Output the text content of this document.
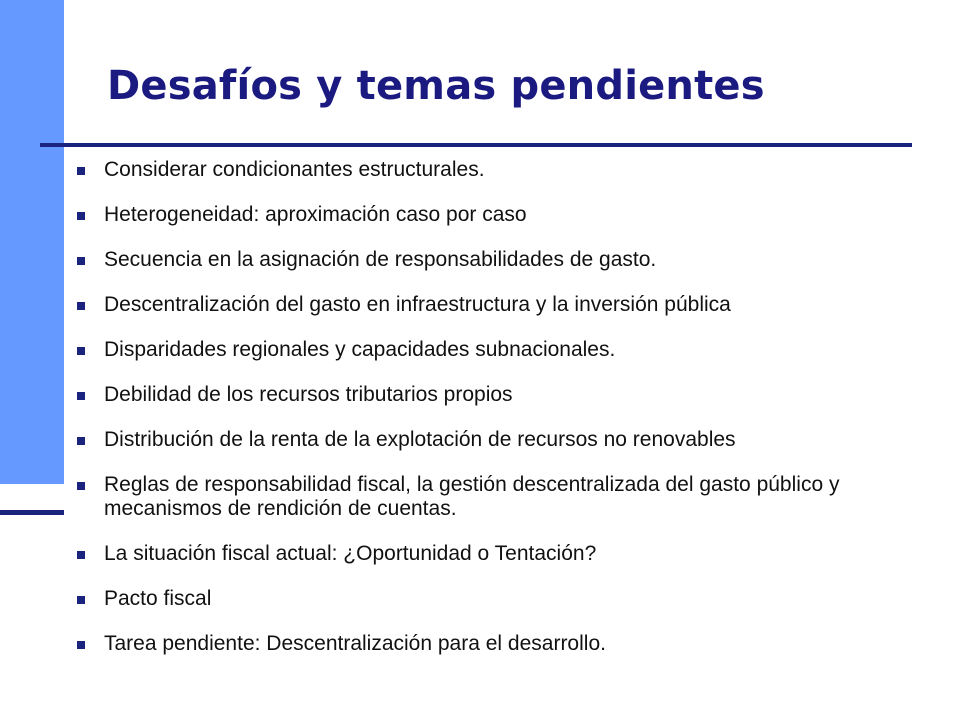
Desafíos y temas pendientes
Considerar condicionantes estructurales.
Heterogeneidad: aproximación caso por caso
Secuencia en la asignación de responsabilidades de gasto.
Descentralización del gasto en infraestructura y la inversión pública
Disparidades regionales y capacidades subnacionales.
Debilidad de los recursos tributarios propios
Distribución de la renta de la explotación de recursos no renovables
Reglas de responsabilidad fiscal, la gestión descentralizada del gasto público y mecanismos de rendición de cuentas.
La situación fiscal actual: ¿Oportunidad o Tentación?
Pacto fiscal
Tarea pendiente: Descentralización para el desarrollo.
